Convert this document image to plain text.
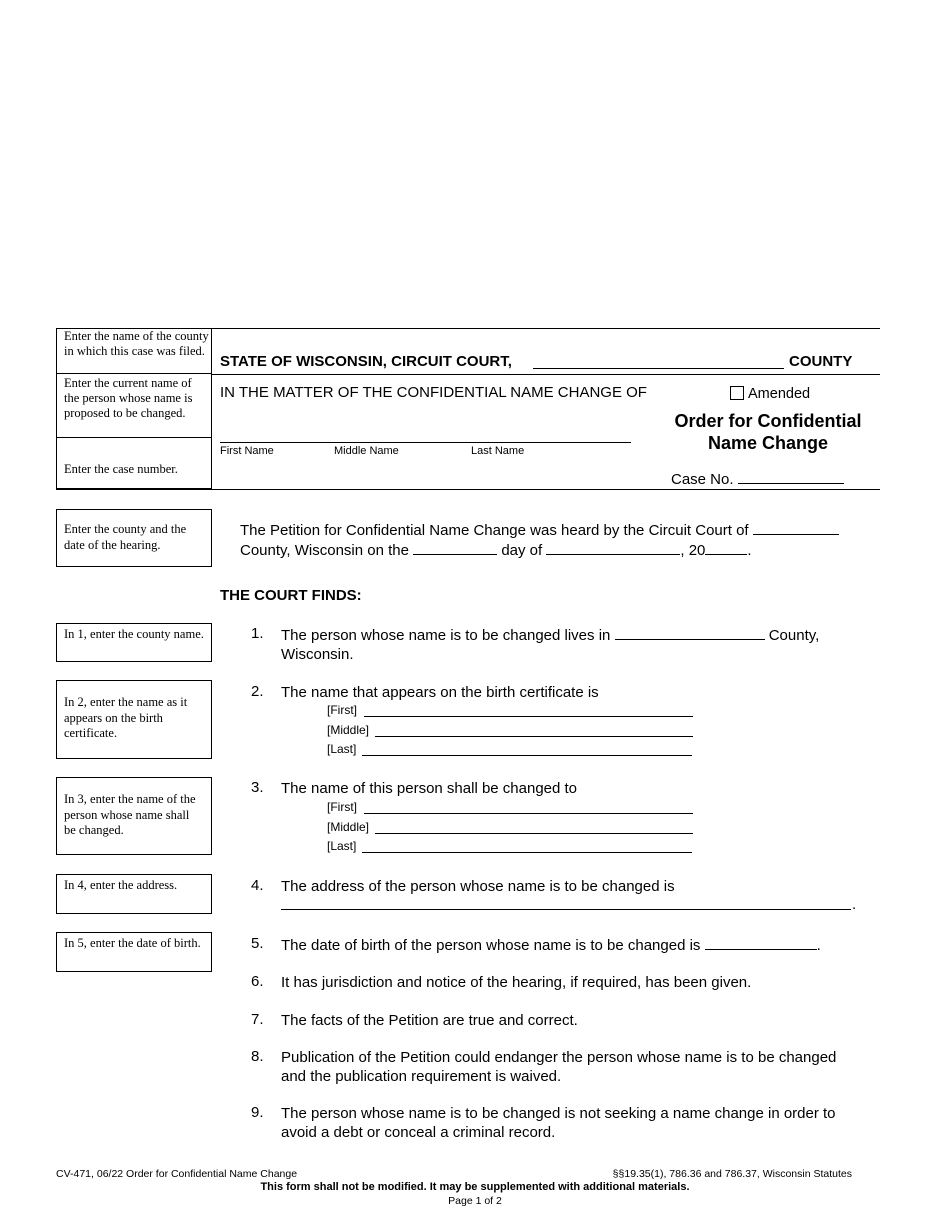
Enter the name of the county in which this case was filed.
Enter the current name of the person whose name is proposed to be changed.
Enter the case number.
STATE OF WISCONSIN, CIRCUIT COURT,	COUNTY
IN THE MATTER OF THE CONFIDENTIAL NAME CHANGE OF
First Name	Middle Name	Last Name
Amended
Order for Confidential
Name Change
Case No.
Enter the county and the date of the hearing.
The Petition for Confidential Name Change was heard by the Circuit Court of
County, Wisconsin on the	day of	, 20	.
THE COURT FINDS:
In 1, enter the county name.
In 2, enter the name as it appears on the birth certificate.
In 3, enter the name of the person whose name shall be changed.
In 4, enter the address.
In 5, enter the date of birth.
1. The person whose name is to be changed lives in	County,
Wisconsin.
2. The name that appears on the birth certificate is
[First]
[Middle]
[Last]
3. The name of this person shall be changed to
[First]
[Middle]
[Last]
4. The address of the person whose name is to be changed is
.
5. The date of birth of the person whose name is to be changed is	.
6. It has jurisdiction and notice of the hearing, if required, has been given.
7. The facts of the Petition are true and correct.
8. Publication of the Petition could endanger the person whose name is to be changed
and the publication requirement is waived.
9. The person whose name is to be changed is not seeking a name change in order to
avoid a debt or conceal a criminal record.
CV-471, 06/22 Order for Confidential Name Change	§§19.35(1), 786.36 and 786.37, Wisconsin Statutes
This form shall not be modified. It may be supplemented with additional materials.
Page 1 of 2
